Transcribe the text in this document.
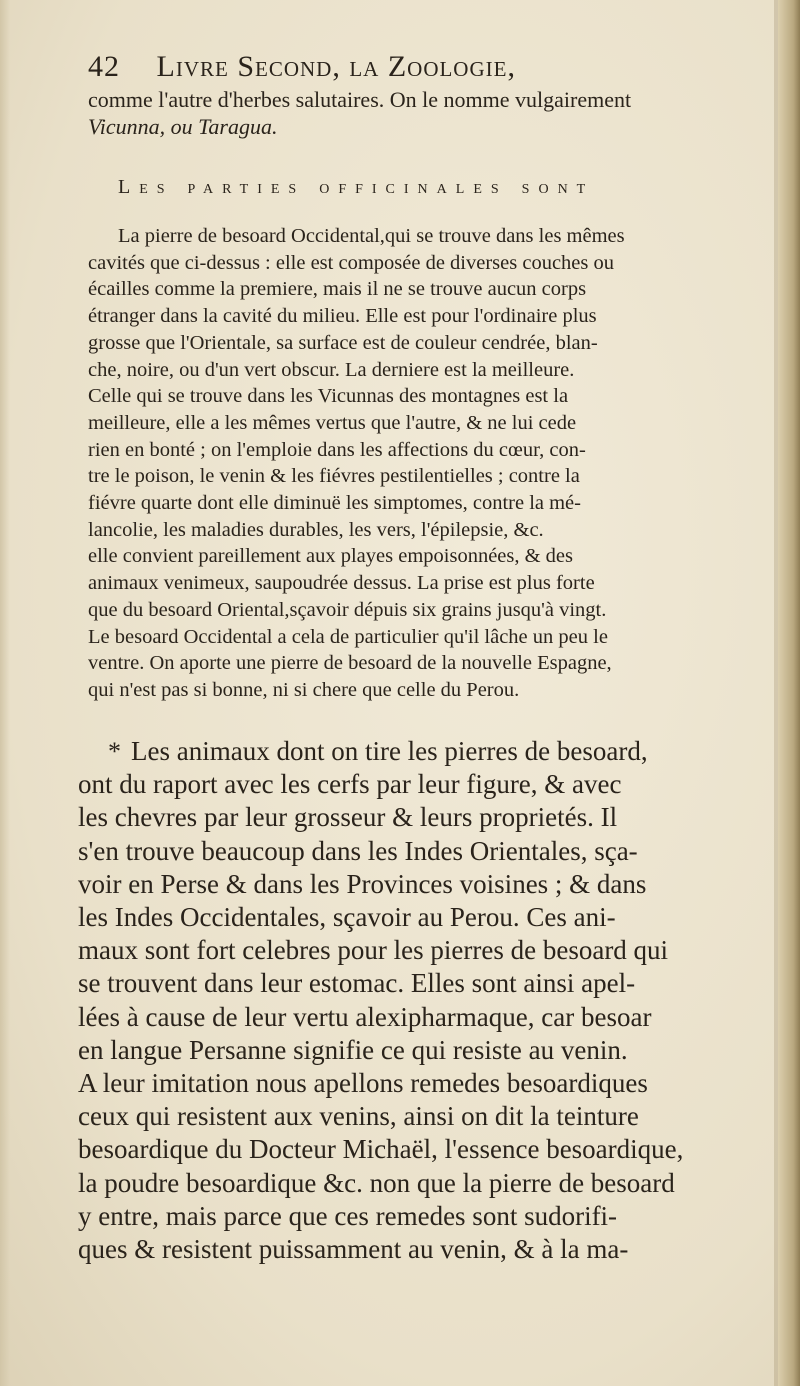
42 Livre Second, la Zoologie,
comme l'autre d'herbes salutaires. On le nomme vulgairement
Vicunna, ou Taragua.
Les parties officinales sont
La pierre de besoard Occidental,qui se trouve dans les mêmes
cavités que ci-dessus : elle est composée de diverses couches ou
écailles comme la premiere, mais il ne se trouve aucun corps
étranger dans la cavité du milieu. Elle est pour l'ordinaire plus
grosse que l'Orientale, sa surface est de couleur cendrée, blan-
che, noire, ou d'un vert obscur. La derniere est la meilleure.
Celle qui se trouve dans les Vicunnas des montagnes est la
meilleure, elle a les mêmes vertus que l'autre, & ne lui cede
rien en bonté ; on l'emploie dans les affections du cœur, con-
tre le poison, le venin & les fiévres pestilentielles ; contre la
fiévre quarte dont elle diminuë les simptomes, contre la mé-
lancolie, les maladies durables, les vers, l'épilepsie, &c.
elle convient pareillement aux playes empoisonnées, & des
animaux venimeux, saupoudrée dessus. La prise est plus forte
que du besoard Oriental,sçavoir dépuis six grains jusqu'à vingt.
Le besoard Occidental a cela de particulier qu'il lâche un peu le
ventre. On aporte une pierre de besoard de la nouvelle Espagne,
qui n'est pas si bonne, ni si chere que celle du Perou.
* Les animaux dont on tire les pierres de besoard,
ont du raport avec les cerfs par leur figure, & avec
les chevres par leur grosseur & leurs proprietés. Il
s'en trouve beaucoup dans les Indes Orientales, sça-
voir en Perse & dans les Provinces voisines ; & dans
les Indes Occidentales, sçavoir au Perou. Ces ani-
maux sont fort celebres pour les pierres de besoard qui
se trouvent dans leur estomac. Elles sont ainsi apel-
lées à cause de leur vertu alexipharmaque, car besoar
en langue Persanne signifie ce qui resiste au venin.
A leur imitation nous apellons remedes besoardiques
ceux qui resistent aux venins, ainsi on dit la teinture
besoardique du Docteur Michaël, l'essence besoardique,
la poudre besoardique &c. non que la pierre de besoard
y entre, mais parce que ces remedes sont sudorifi-
ques & resistent puissamment au venin, & à la ma-
